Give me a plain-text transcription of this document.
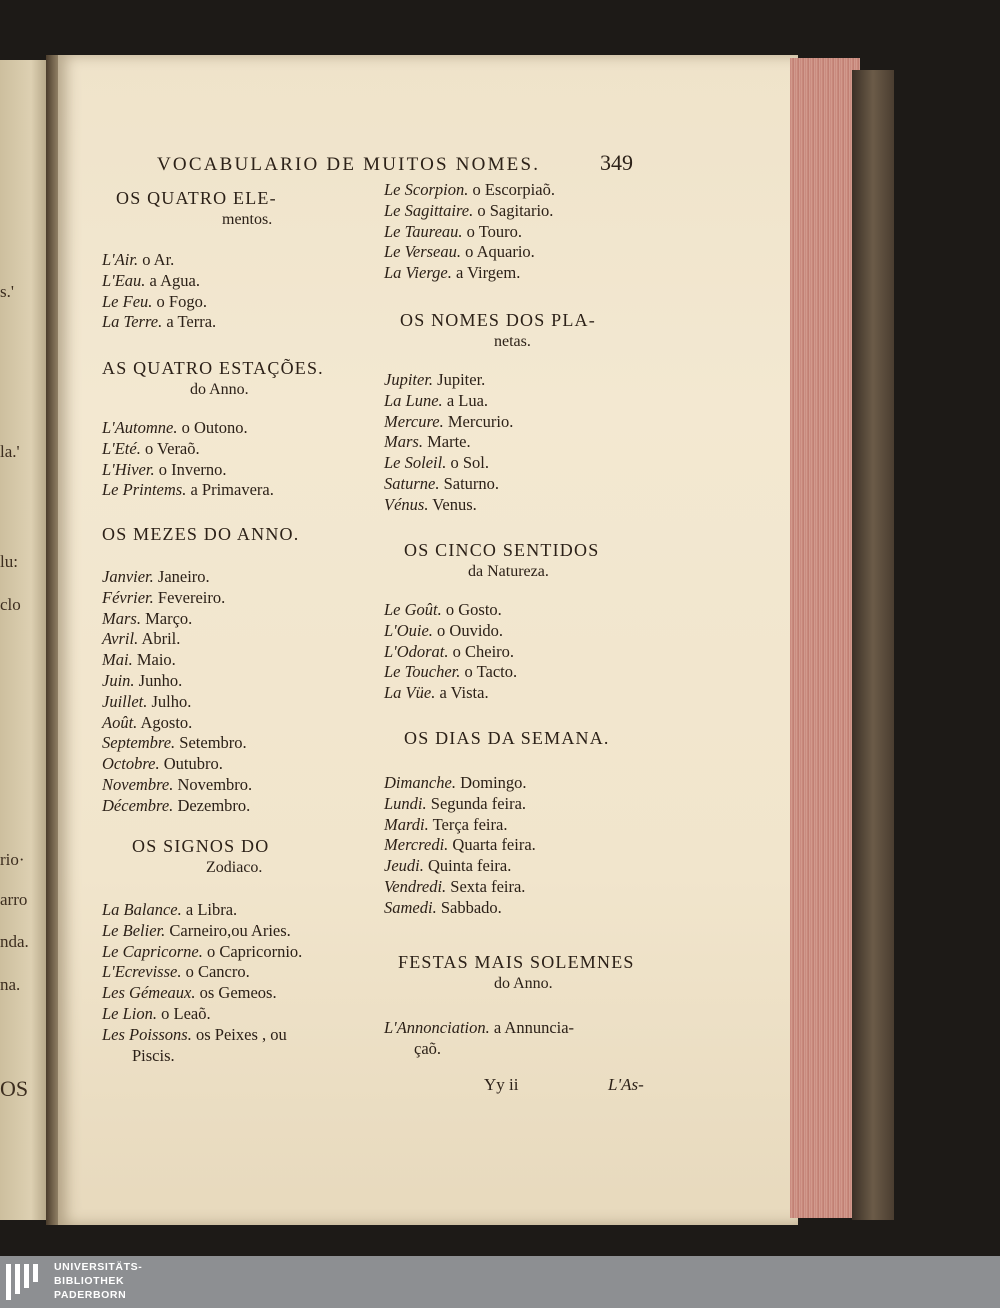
s.'
la.'
lu:
clo
rio·
arro
nda.
na.
OS
VOCABULARIO DE MUITOS NOMES.	349
OS QUATRO ELE-
mentos.
L'Air. o Ar.
L'Eau. a Agua.
Le Feu. o Fogo.
La Terre. a Terra.
AS QUATRO ESTAÇÕES.
do Anno.
L'Automne. o Outono.
L'Eté. o Veraõ.
L'Hiver. o Inverno.
Le Printems. a Primavera.
OS MEZES DO ANNO.
Janvier. Janeiro.
Février. Fevereiro.
Mars. Março.
Avril. Abril.
Mai. Maio.
Juin. Junho.
Juillet. Julho.
Août. Agosto.
Septembre. Setembro.
Octobre. Outubro.
Novembre. Novembro.
Décembre. Dezembro.
OS SIGNOS DO
Zodiaco.
La Balance. a Libra.
Le Belier. Carneiro,ou Aries.
Le Capricorne. o Capricornio.
L'Ecrevisse. o Cancro.
Les Gémeaux. os Gemeos.
Le Lion. o Leaõ.
Les Poissons. os Peixes , ou
Piscis.
Le Scorpion. o Escorpiaõ.
Le Sagittaire. o Sagitario.
Le Taureau. o Touro.
Le Verseau. o Aquario.
La Vierge. a Virgem.
OS NOMES DOS PLA-
netas.
Jupiter. Jupiter.
La Lune. a Lua.
Mercure. Mercurio.
Mars. Marte.
Le Soleil. o Sol.
Saturne. Saturno.
Vénus. Venus.
OS CINCO SENTIDOS
da Natureza.
Le Goût. o Gosto.
L'Ouie. o Ouvido.
L'Odorat. o Cheiro.
Le Toucher. o Tacto.
La Vüe. a Vista.
OS DIAS DA SEMANA.
Dimanche. Domingo.
Lundi. Segunda feira.
Mardi. Terça feira.
Mercredi. Quarta feira.
Jeudi. Quinta feira.
Vendredi. Sexta feira.
Samedi. Sabbado.
FESTAS MAIS SOLEMNES
do Anno.
L'Annonciation. a Annuncia-
çaõ.
Yy ii	L'As-
UNIVERSITÄTS-
BIBLIOTHEK
PADERBORN
